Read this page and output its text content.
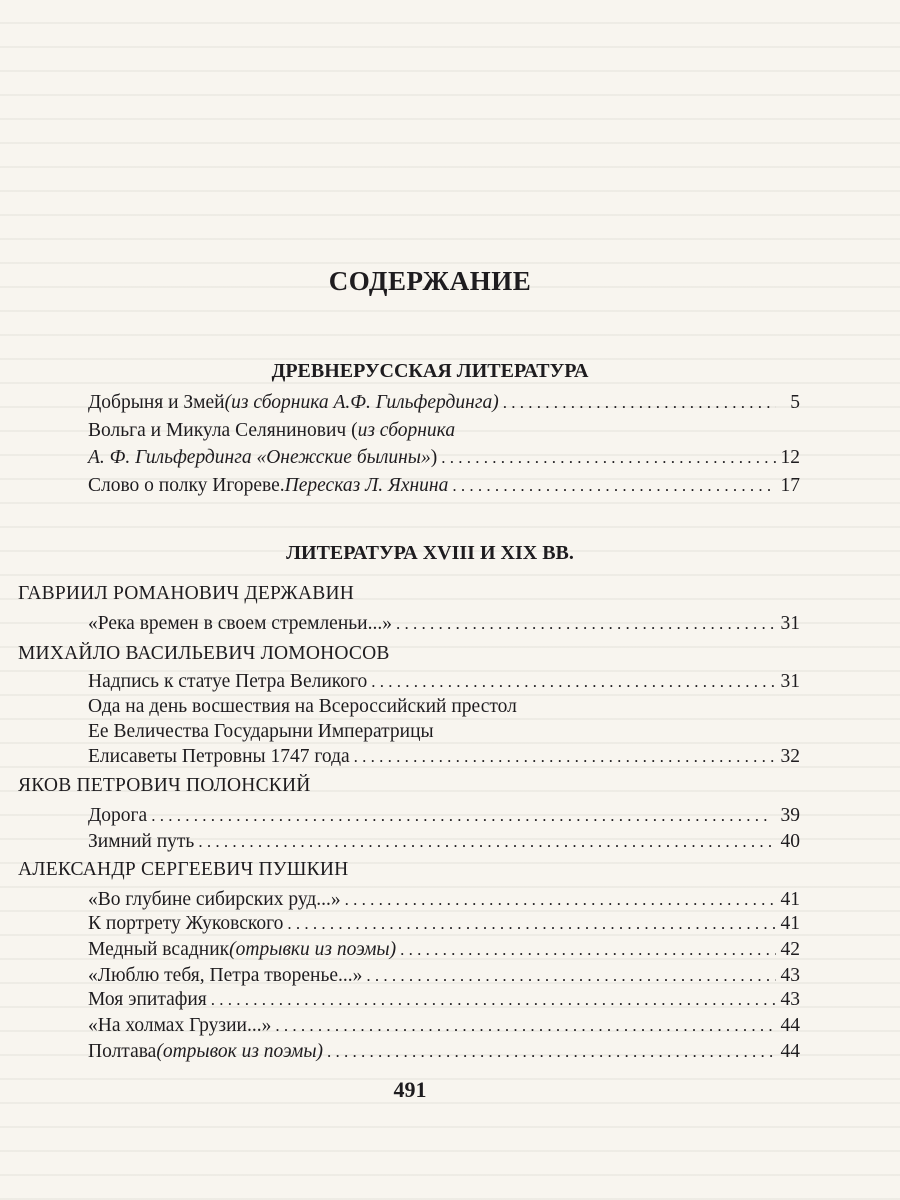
СОДЕРЖАНИЕ
ДРЕВНЕРУССКАЯ ЛИТЕРАТУРА
ЛИТЕРАТУРА XVIII И XIX ВВ.
Добрыня и Змей (из сборника А.Ф. Гильфердинга) . . .	5
Вольга и Микула Селянинович ( из сборника
А. Ф. Гильфердинга «Онежские былины» ) . . .	12
Слово о полку Игореве. Пересказ Л. Яхнина . . .	17
ГАВРИИЛ РОМАНОВИЧ ДЕРЖАВИН
«Река времен в своем стремленьи...» . . .	31
МИХАЙЛО ВАСИЛЬЕВИЧ ЛОМОНОСОВ
Надпись к статуе Петра Великого . . .	31
Ода на день восшествия на Всероссийский престол
Ее Величества Государыни Императрицы
Елисаветы Петровны 1747 года . . .	32
ЯКОВ ПЕТРОВИЧ ПОЛОНСКИЙ
Дорога . . .	39
Зимний путь . . .	40
АЛЕКСАНДР СЕРГЕЕВИЧ ПУШКИН
«Во глубине сибирских руд...» . . .	41
К портрету Жуковского . . .	41
Медный всадник (отрывки из поэмы) . . .	42
«Люблю тебя, Петра творенье...» . . .	43
Моя эпитафия . . .	43
«На холмах Грузии...» . . .	44
Полтава (отрывок из поэмы) . . .	44
491
